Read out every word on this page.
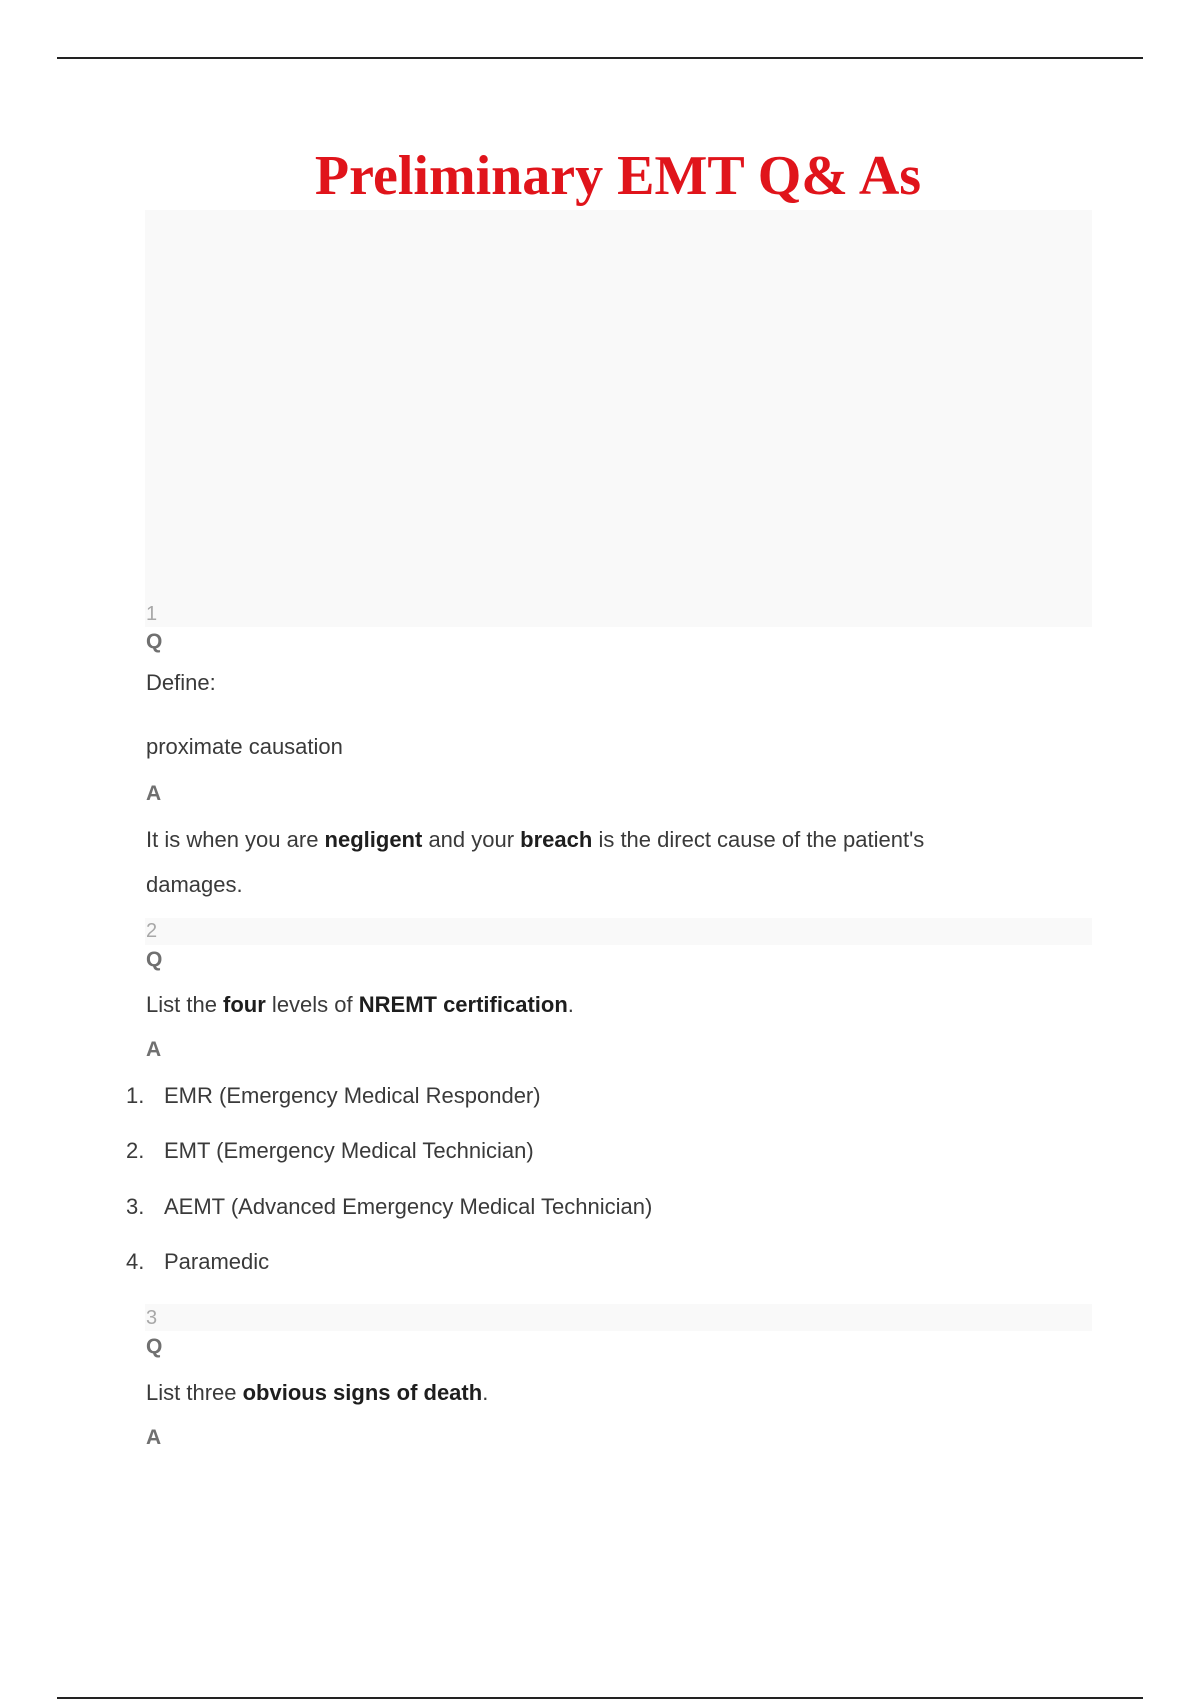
Preliminary EMT Q& As
1
Q
Define:
proximate causation
A
It is when you are negligent and your breach is the direct cause of the patient's
damages.
2
Q
List the four levels of NREMT certification.
A
1. EMR (Emergency Medical Responder)
2. EMT (Emergency Medical Technician)
3. AEMT (Advanced Emergency Medical Technician)
4. Paramedic
3
Q
List three obvious signs of death.
A
